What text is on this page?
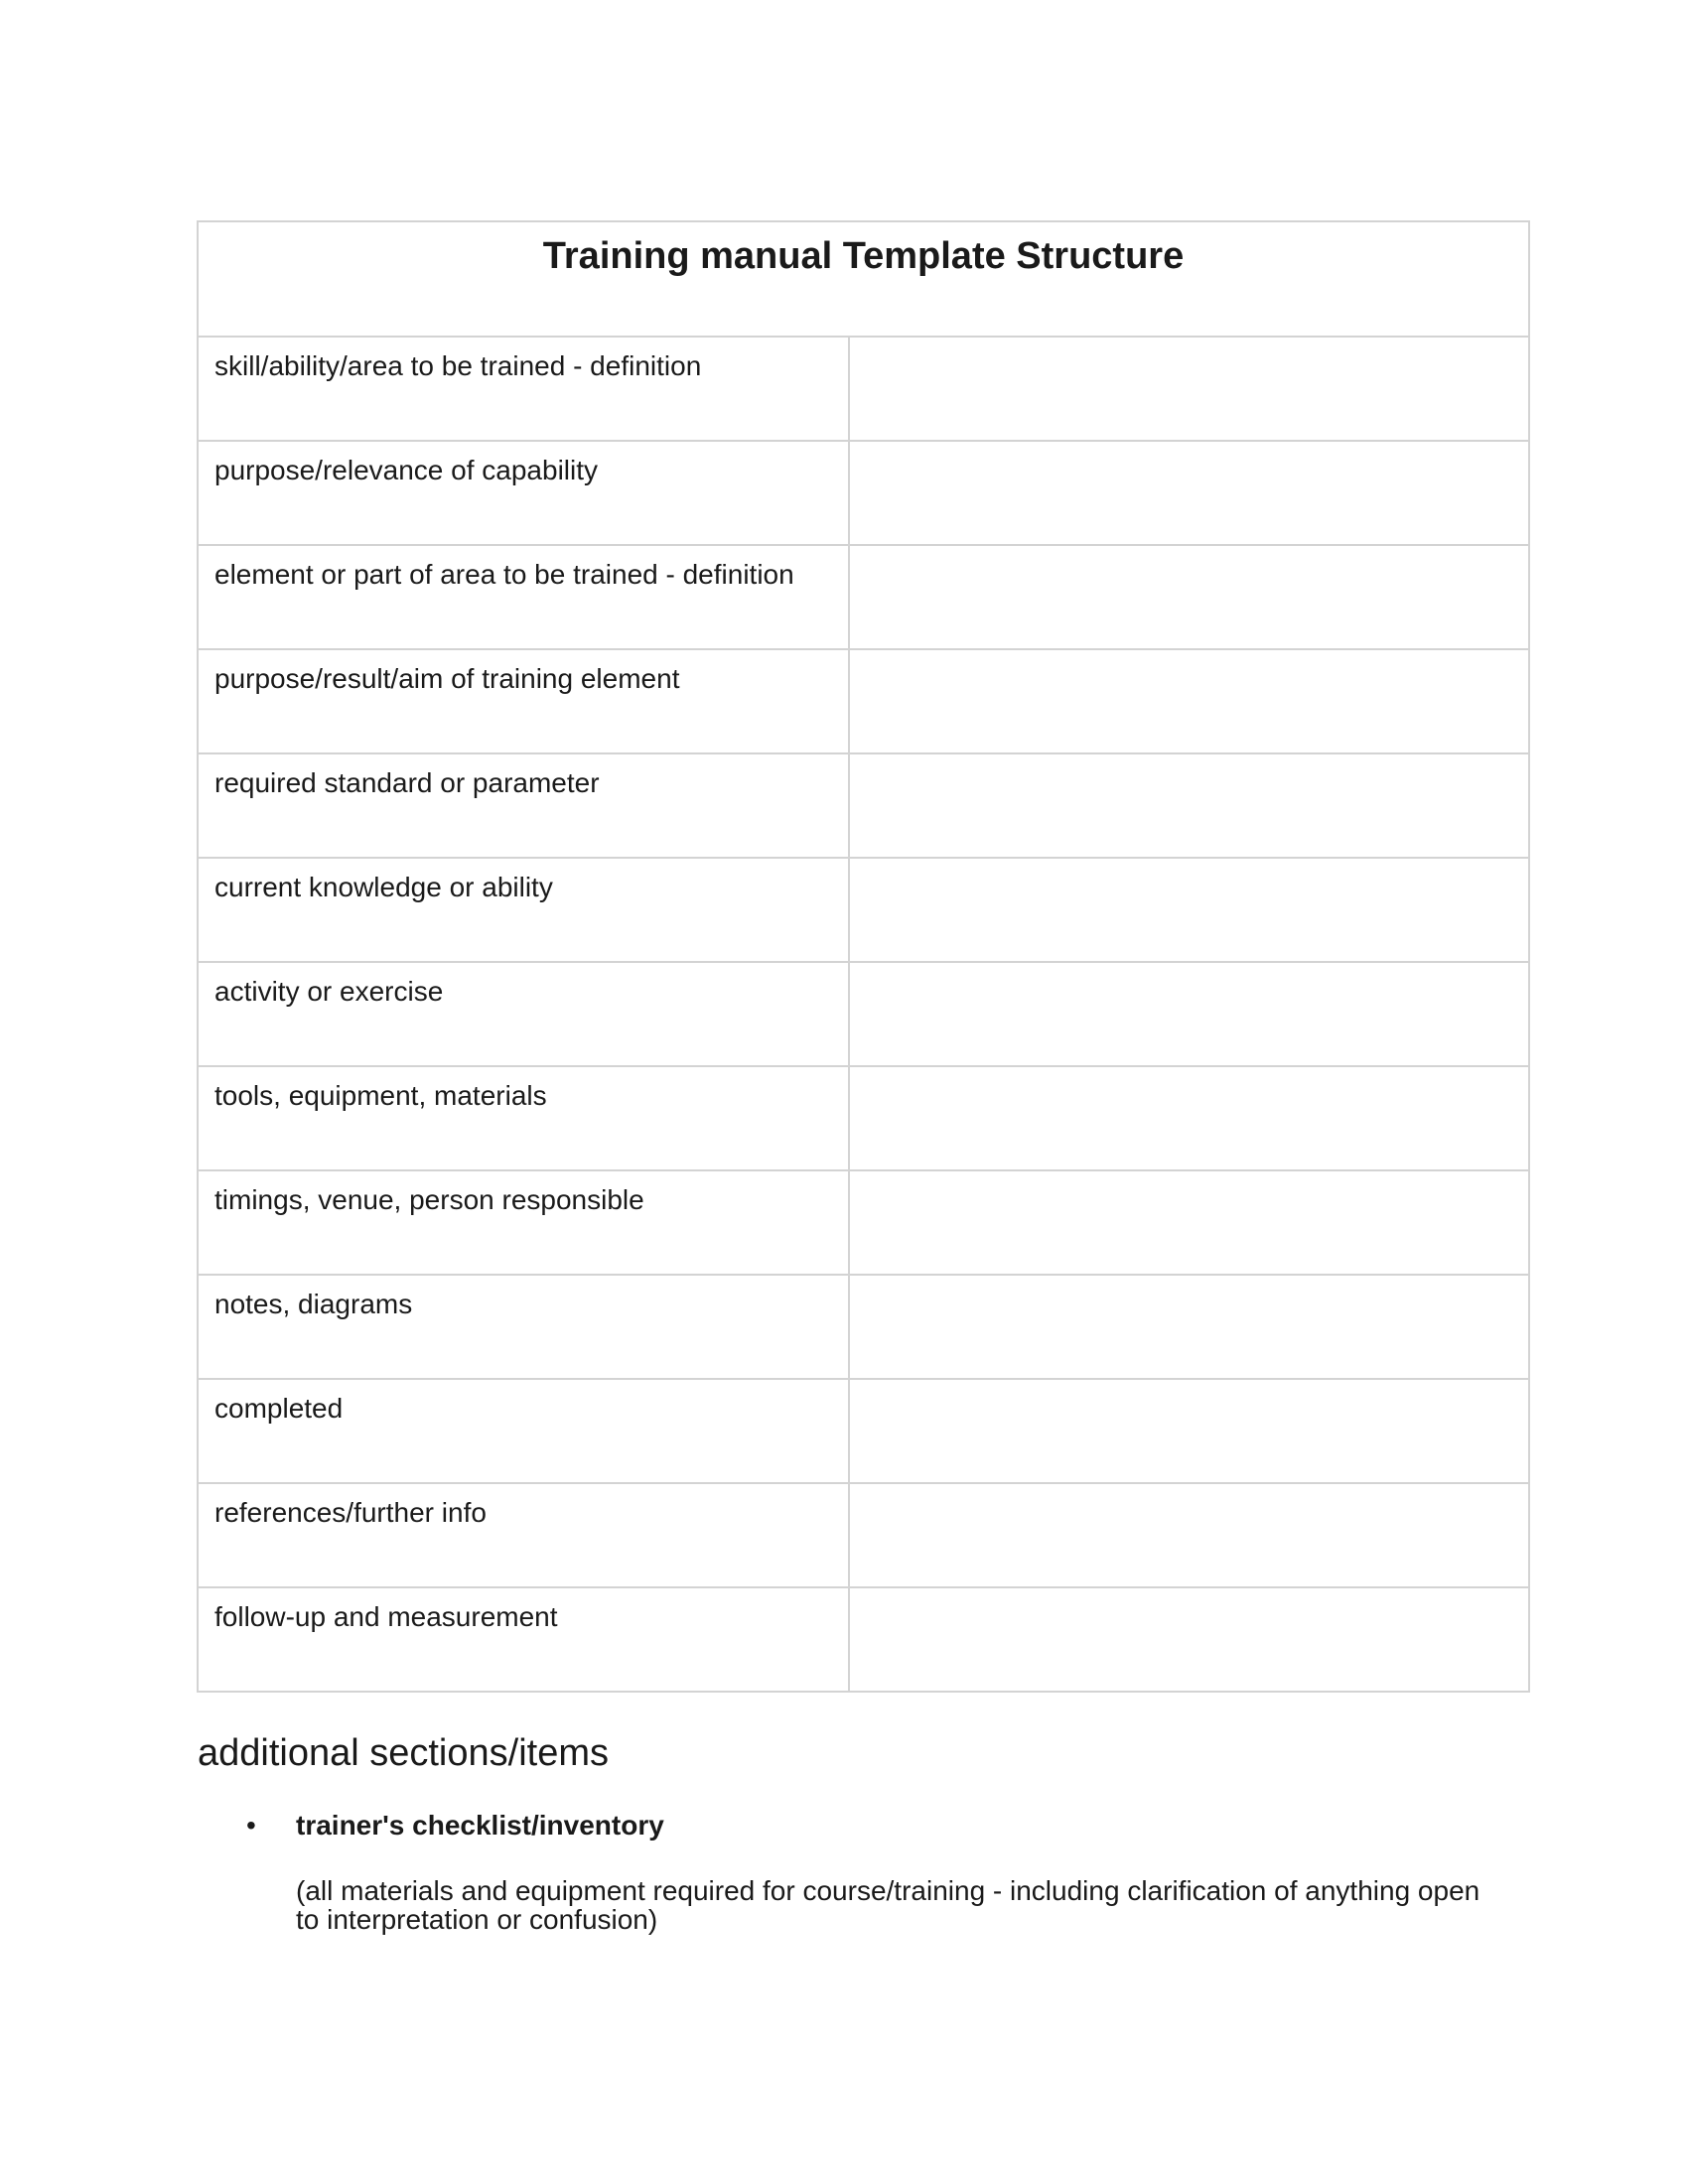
Training manual Template Structure	

skill/ability/area to be trained - definition	

purpose/relevance of capability	

element or part of area to be trained - definition	

purpose/result/aim of training element	

required standard or parameter	

current knowledge or ability	

activity or exercise	

tools, equipment, materials	

timings, venue, person responsible	

notes, diagrams	

completed	

references/further info	

follow-up and measurement	

additional sections/items
• trainer's checklist/inventory
(all materials and equipment required for course/training - including clarification of anything open to interpretation or confusion)
